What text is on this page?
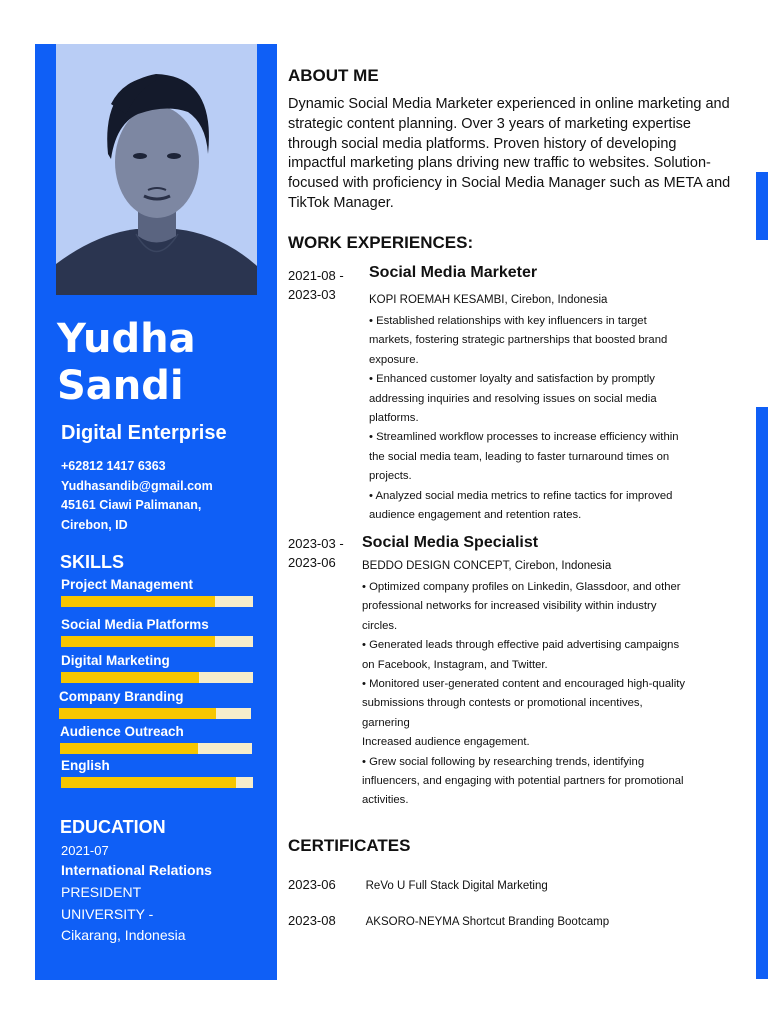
Yudha
Sandi
Digital Enterprise
+62812 1417 6363
Yudhasandib@gmail.com
45161 Ciawi Palimanan,
Cirebon, ID
SKILLS
Project Management
Social Media Platforms
Digital Marketing
Company Branding
Audience Outreach
English
EDUCATION
2021-07
International Relations
PRESIDENT
UNIVERSITY -
Cikarang, Indonesia
ABOUT ME
Dynamic Social Media Marketer experienced in online marketing and strategic content planning. Over 3 years of marketing expertise through social media platforms. Proven history of developing impactful marketing plans driving new traffic to websites. Solution-focused with proficiency in Social Media Manager such as META and TikTok Manager.
WORK EXPERIENCES:
2021-08 -
2023-03
Social Media Marketer
KOPI ROEMAH KESAMBI, Cirebon, Indonesia
• Established relationships with key influencers in target
markets, fostering strategic partnerships that boosted brand
exposure.
• Enhanced customer loyalty and satisfaction by promptly
addressing inquiries and resolving issues on social media
platforms.
• Streamlined workflow processes to increase efficiency within
the social media team, leading to faster turnaround times on
projects.
• Analyzed social media metrics to refine tactics for improved
audience engagement and retention rates.
2023-03 -
2023-06
Social Media Specialist
BEDDO DESIGN CONCEPT, Cirebon, Indonesia
• Optimized company profiles on Linkedin, Glassdoor, and other
professional networks for increased visibility within industry
circles.
• Generated leads through effective paid advertising campaigns
on Facebook, Instagram, and Twitter.
• Monitored user-generated content and encouraged high-quality
submissions through contests or promotional incentives,
garnering
Increased audience engagement.
• Grew social following by researching trends, identifying
influencers, and engaging with potential partners for promotional
activities.
CERTIFICATES
2023-06	ReVo U Full Stack Digital Marketing
2023-08	AKSORO-NEYMA Shortcut Branding Bootcamp
